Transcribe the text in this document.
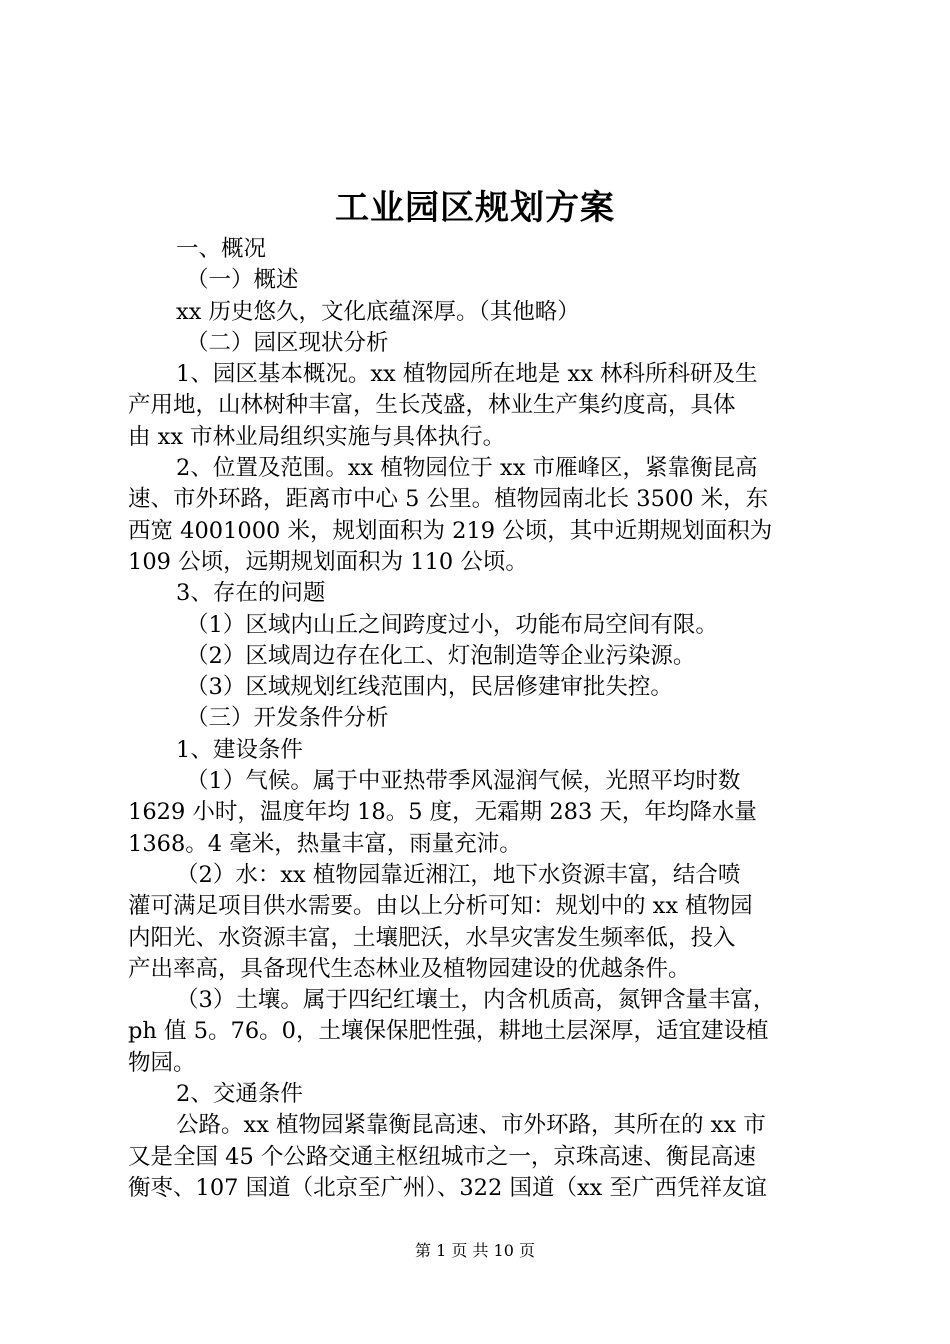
工业园区规划方案

一、概况

（一）概述

xx 历史悠久，文化底蕴深厚。（其他略）

（二）园区现状分析

1、园区基本概况。xx 植物园所在地是 xx 林科所科研及生

产用地，山林树种丰富，生长茂盛，林业生产集约度高，具体

由 xx 市林业局组织实施与具体执行。

2、位置及范围。xx 植物园位于 xx 市雁峰区，紧靠衡昆高

速、市外环路，距离市中心 5 公里。植物园南北长 3500 米，东

西宽 4001000 米，规划面积为 219 公顷，其中近期规划面积为

109 公顷，远期规划面积为 110 公顷。

3、存在的问题

（1）区域内山丘之间跨度过小，功能布局空间有限。

（2）区域周边存在化工、灯泡制造等企业污染源。

（3）区域规划红线范围内，民居修建审批失控。

（三）开发条件分析

1、建设条件

（1）气候。属于中亚热带季风湿润气候，光照平均时数

1629 小时，温度年均 18。5 度，无霜期 283 天，年均降水量

1368。4 毫米，热量丰富，雨量充沛。

（2）水：xx 植物园靠近湘江，地下水资源丰富，结合喷

灌可满足项目供水需要。由以上分析可知：规划中的 xx 植物园

内阳光、水资源丰富，土壤肥沃，水旱灾害发生频率低，投入

产出率高，具备现代生态林业及植物园建设的优越条件。

（3）土壤。属于四纪红壤土，内含机质高，氮钾含量丰富，

ph 值 5。76。0，土壤保保肥性强，耕地土层深厚，适宜建设植

物园。

2、交通条件

公路。xx 植物园紧靠衡昆高速、市外环路，其所在的 xx 市

又是全国 45 个公路交通主枢纽城市之一，京珠高速、衡昆高速

衡枣、107 国道（北京至广州）、322 国道（xx 至广西凭祥友谊

第 1 页 共 10 页
